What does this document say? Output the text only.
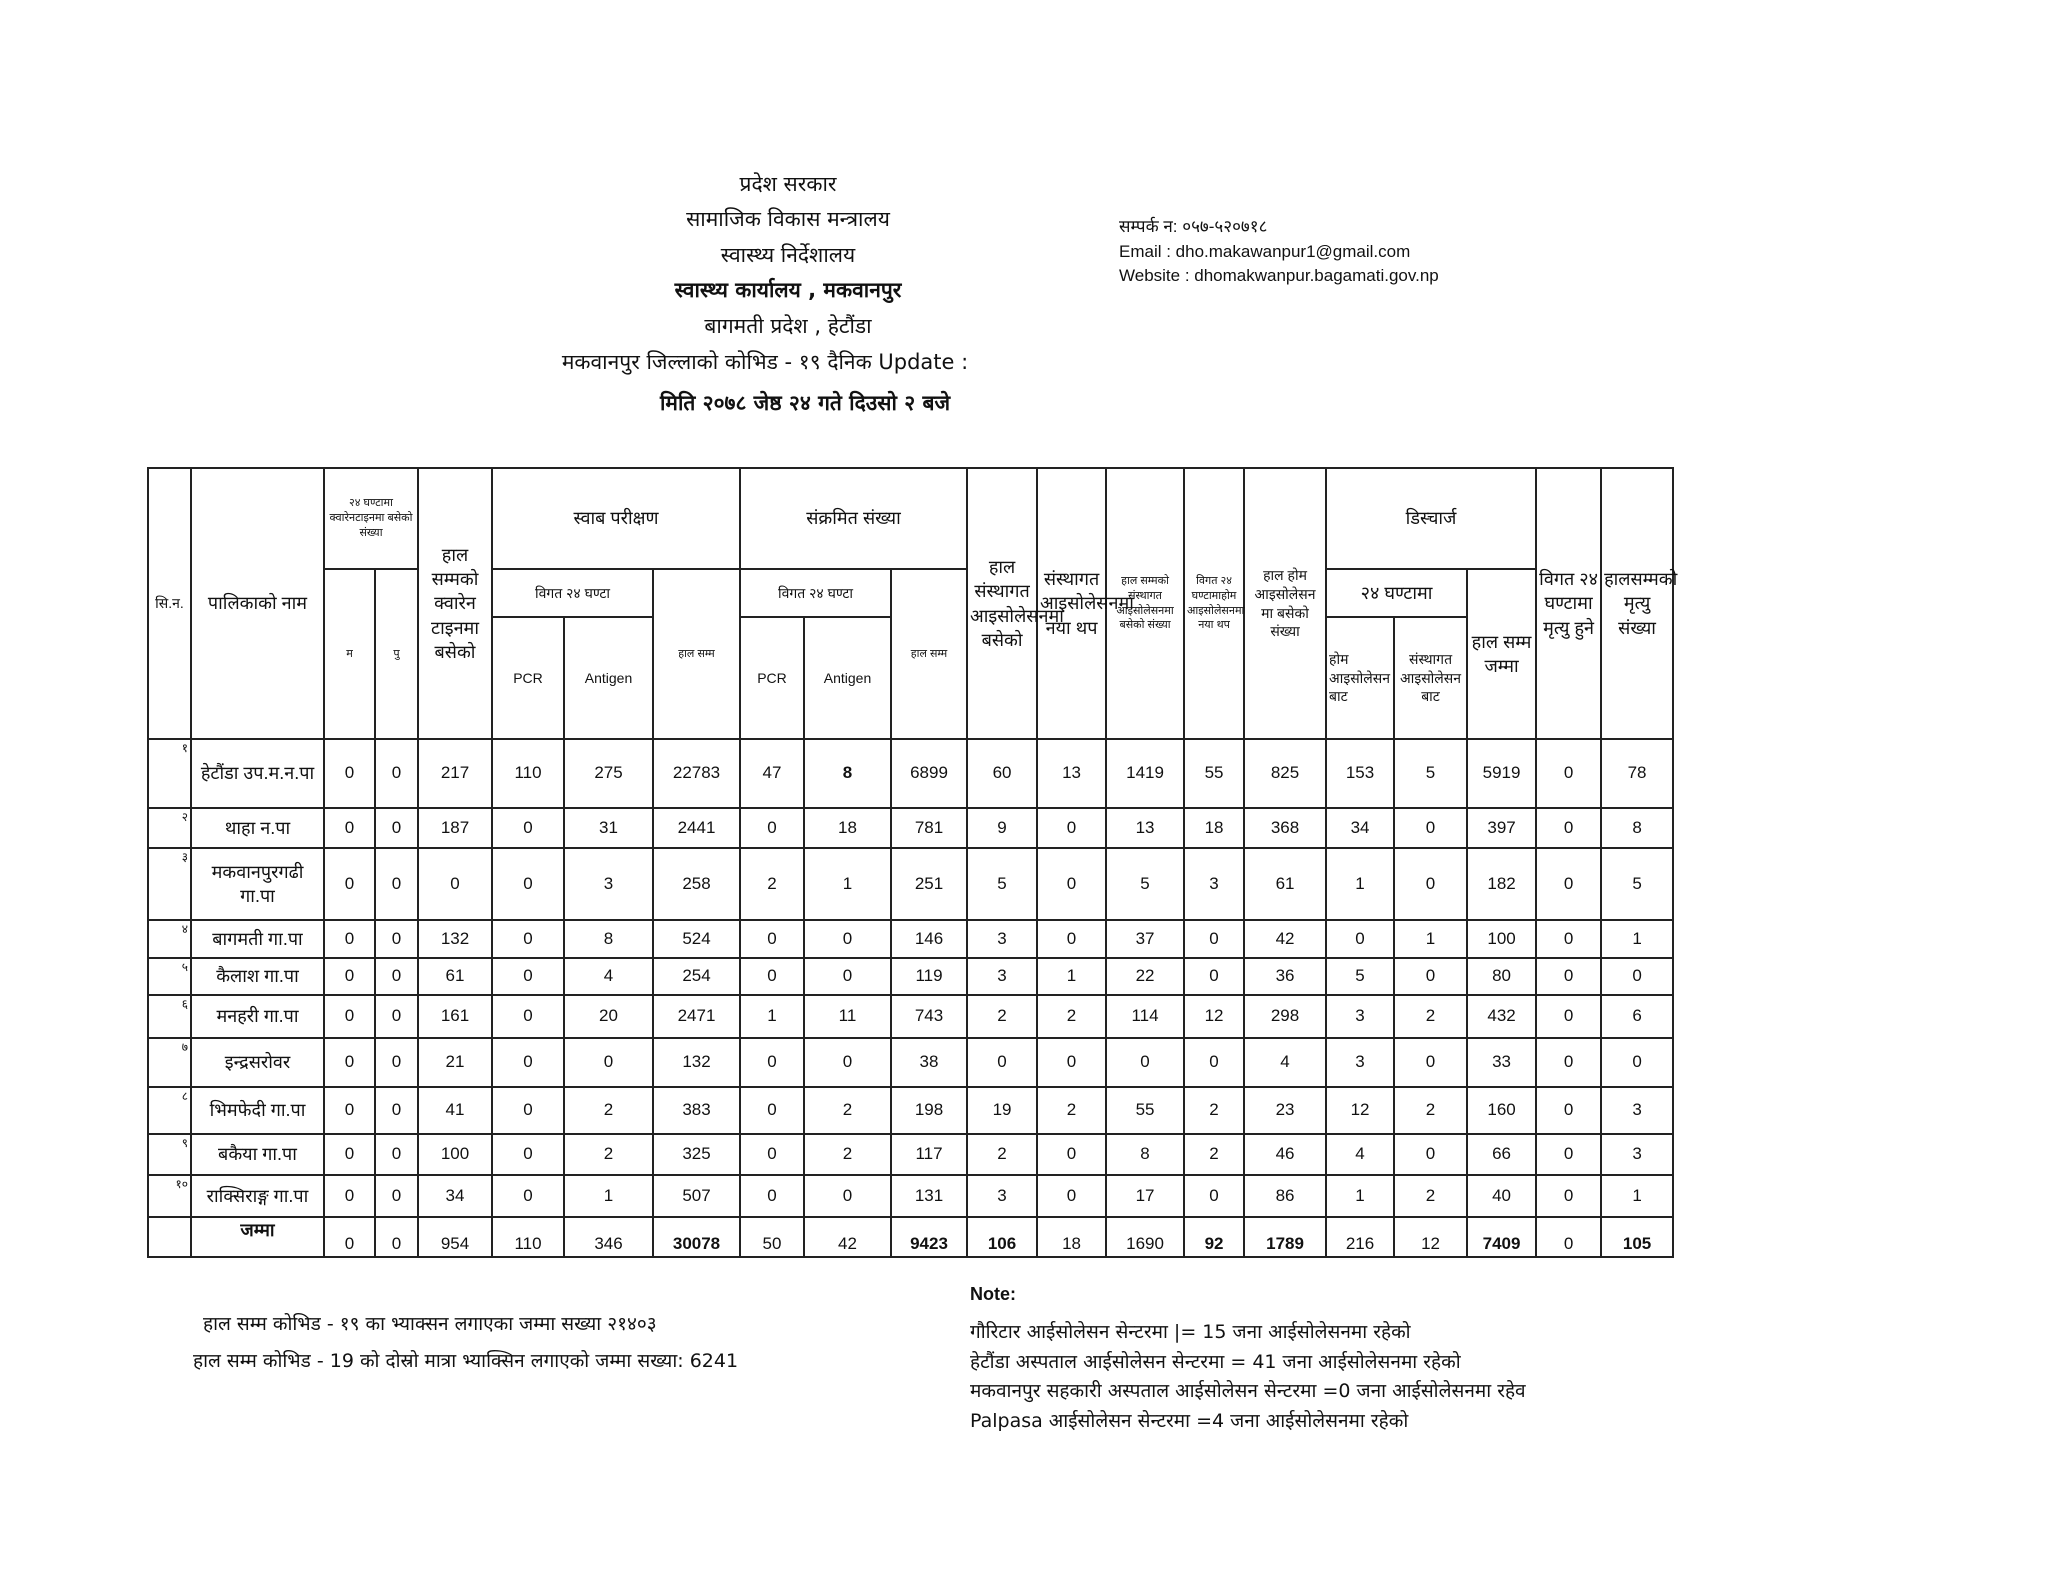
प्रदेश सरकार
सामाजिक विकास मन्त्रालय
स्वास्थ्य निर्देशालय
स्वास्थ्य कार्यालय , मकवानपुर
बागमती प्रदेश , हेटौंडा
मकवानपुर जिल्लाको कोभिड - १९ दैनिक Update :
मिति २०७८ जेष्ठ २४ गते दिउसो २ बजे
सम्पर्क न: ०५७-५२०७१८
Email : dho.makawanpur1@gmail.com
Website : dhomakwanpur.bagamati.gov.np
सि.न.	पालिकाको नाम	२४ घण्टामा क्वारेनटाइनमा बसेको संख्या		हाल सम्मको क्वारेन टाइनमा बसेको	स्वाब परीक्षण			संक्रमित संख्या			हाल संस्थागत आइसोलेसनमा बसेको	संस्थागत आइसोलेसनमा नया थप	हाल सम्मको संस्थागत आइसोलेसनमा बसेको संख्या	विगत २४ घण्टामाहोम आइसोलेसनमा नया थप	हाल होम आइसोलेसन मा बसेको संख्या	डिस्चार्ज			विगत २४ घण्टामा मृत्यु हुने	हालसम्मको मृत्यु संख्या
		म	पु		विगत २४ घण्टा		हाल सम्म	विगत २४ घण्टा		हाल सम्म						२४ घण्टामा		हाल सम्म जम्मा		
					PCR	Antigen		PCR	Antigen							होम आइसोलेसन बाट	संस्थागत आइसोलेसन बाट			
१	हेटौंडा उप.म.न.पा	0	0	217	110	275	22783	47	8	6899	60	13	1419	55	825	153	5	5919	0	78
२	थाहा न.पा	0	0	187	0	31	2441	0	18	781	9	0	13	18	368	34	0	397	0	8
३	मकवानपुरगढी गा.पा	0	0	0	0	3	258	2	1	251	5	0	5	3	61	1	0	182	0	5
४	बागमती गा.पा	0	0	132	0	8	524	0	0	146	3	0	37	0	42	0	1	100	0	1
५	कैलाश गा.पा	0	0	61	0	4	254	0	0	119	3	1	22	0	36	5	0	80	0	0
६	मनहरी गा.पा	0	0	161	0	20	2471	1	11	743	2	2	114	12	298	3	2	432	0	6
७	इन्द्रसरोवर	0	0	21	0	0	132	0	0	38	0	0	0	0	4	3	0	33	0	0
८	भिमफेदी गा.पा	0	0	41	0	2	383	0	2	198	19	2	55	2	23	12	2	160	0	3
९	बकैया गा.पा	0	0	100	0	2	325	0	2	117	2	0	8	2	46	4	0	66	0	3
१०	राक्सिराङ्ग गा.पा	0	0	34	0	1	507	0	0	131	3	0	17	0	86	1	2	40	0	1
	जम्मा	0	0	954	110	346	30078	50	42	9423	106	18	1690	92	1789	216	12	7409	0	105
हाल सम्म कोभिड - १९ का भ्याक्सन लगाएका जम्मा सख्या २१४०३
हाल सम्म कोभिड - 19 को दोस्रो मात्रा भ्याक्सिन लगाएको जम्मा सख्या: 6241
Note:
गौरिटार आईसोलेसन सेन्टरमा |= 15 जना आईसोलेसनमा रहेको
हेटौंडा अस्पताल आईसोलेसन सेन्टरमा = 41 जना आईसोलेसनमा रहेको
मकवानपुर सहकारी अस्पताल आईसोलेसन सेन्टरमा =0 जना आईसोलेसनमा रहेव
Palpasa आईसोलेसन सेन्टरमा =4 जना आईसोलेसनमा रहेको
